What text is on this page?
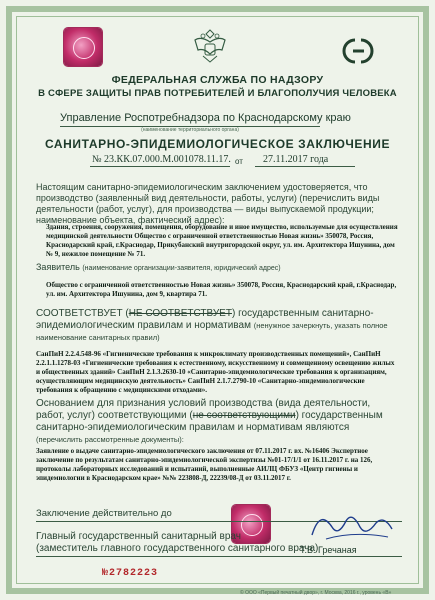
ФЕДЕРАЛЬНАЯ СЛУЖБА ПО НАДЗОРУ
В СФЕРЕ ЗАЩИТЫ ПРАВ ПОТРЕБИТЕЛЕЙ И БЛАГОПОЛУЧИЯ ЧЕЛОВЕКА
Управление Роспотребнадзора по Краснодарскому краю
(наименование территориального органа)
САНИТАРНО-ЭПИДЕМИОЛОГИЧЕСКОЕ ЗАКЛЮЧЕНИЕ
№ 23.КК.07.000.М.001078.11.17. от 27.11.2017 года
Настоящим санитарно-эпидемиологическим заключением удостоверяется, что производство (заявленный вид деятельности, работы, услуги) (перечислить виды деятельности (работ, услуг), для производства — виды выпускаемой продукции; наименование объекта, фактический адрес):
Здания, строения, сооружения, помещения, оборудование и иное имущество, используемые для осуществления медицинской деятельности Общество с ограниченной ответственностью Новая жизнь» 350078, Россия, Краснодарский край, г.Краснодар, Прикубанский внутригородской округ, ул. им. Архитектора Ишунина, дом № 9, нежилое помещение № 71.
Заявитель (наименование организации-заявителя, юридический адрес)
Общество с ограниченной ответственностью Новая жизнь» 350078, Россия, Краснодарский край, г.Краснодар, ул. им. Архитектора Ишунина, дом 9, квартира 71.
СООТВЕТСТВУЕТ (НЕ СООТВЕТСТВУЕТ) государственным санитарно-эпидемиологическим правилам и нормативам (ненужное зачеркнуть, указать полное наименование санитарных правил)
СанПиН 2.2.4.548-96 «Гигиенические требования к микроклимату производственных помещений», СанПиН 2.2.1.1.1278-03 «Гигиенические требования к естественному, искусственному и совмещенному освещению жилых и общественных зданий» СанПиН 2.1.3.2630-10 «Санитарно-эпидемиологические требования к организациям, осуществляющим медицинскую деятельность» СанПиН 2.1.7.2790-10 «Санитарно-эпидемиологические требования к обращению с медицинскими отходами».
Основанием для признания условий производства (вида деятельности, работ, услуг) соответствующими (не соответствующими) государственным санитарно-эпидемиологическим правилам и нормативам являются (перечислить рассмотренные документы):
Заявление о выдаче санитарно-эпидемиологического заключения от 07.11.2017 г. вх. №16406 Экспертное заключение по результатам санитарно-эпидемиологической экспертизы №01-17/1/1 от 16.11.2017 г. на 126, протоколы лабораторных исследований и испытаний, выполненные АИЛЦ ФБУЗ «Центр гигиены и эпидемиологии в Краснодарском крае» №№ 223808-Д, 22239/08-Д от 03.11.2017 г.
Заключение действительно до
Главный государственный санитарный врач
(заместитель главного государственного санитарного врача)
Т.В. Гречаная
№2782223
© ООО «Первый печатный двор», г. Москва, 2016 г., уровень «В»
